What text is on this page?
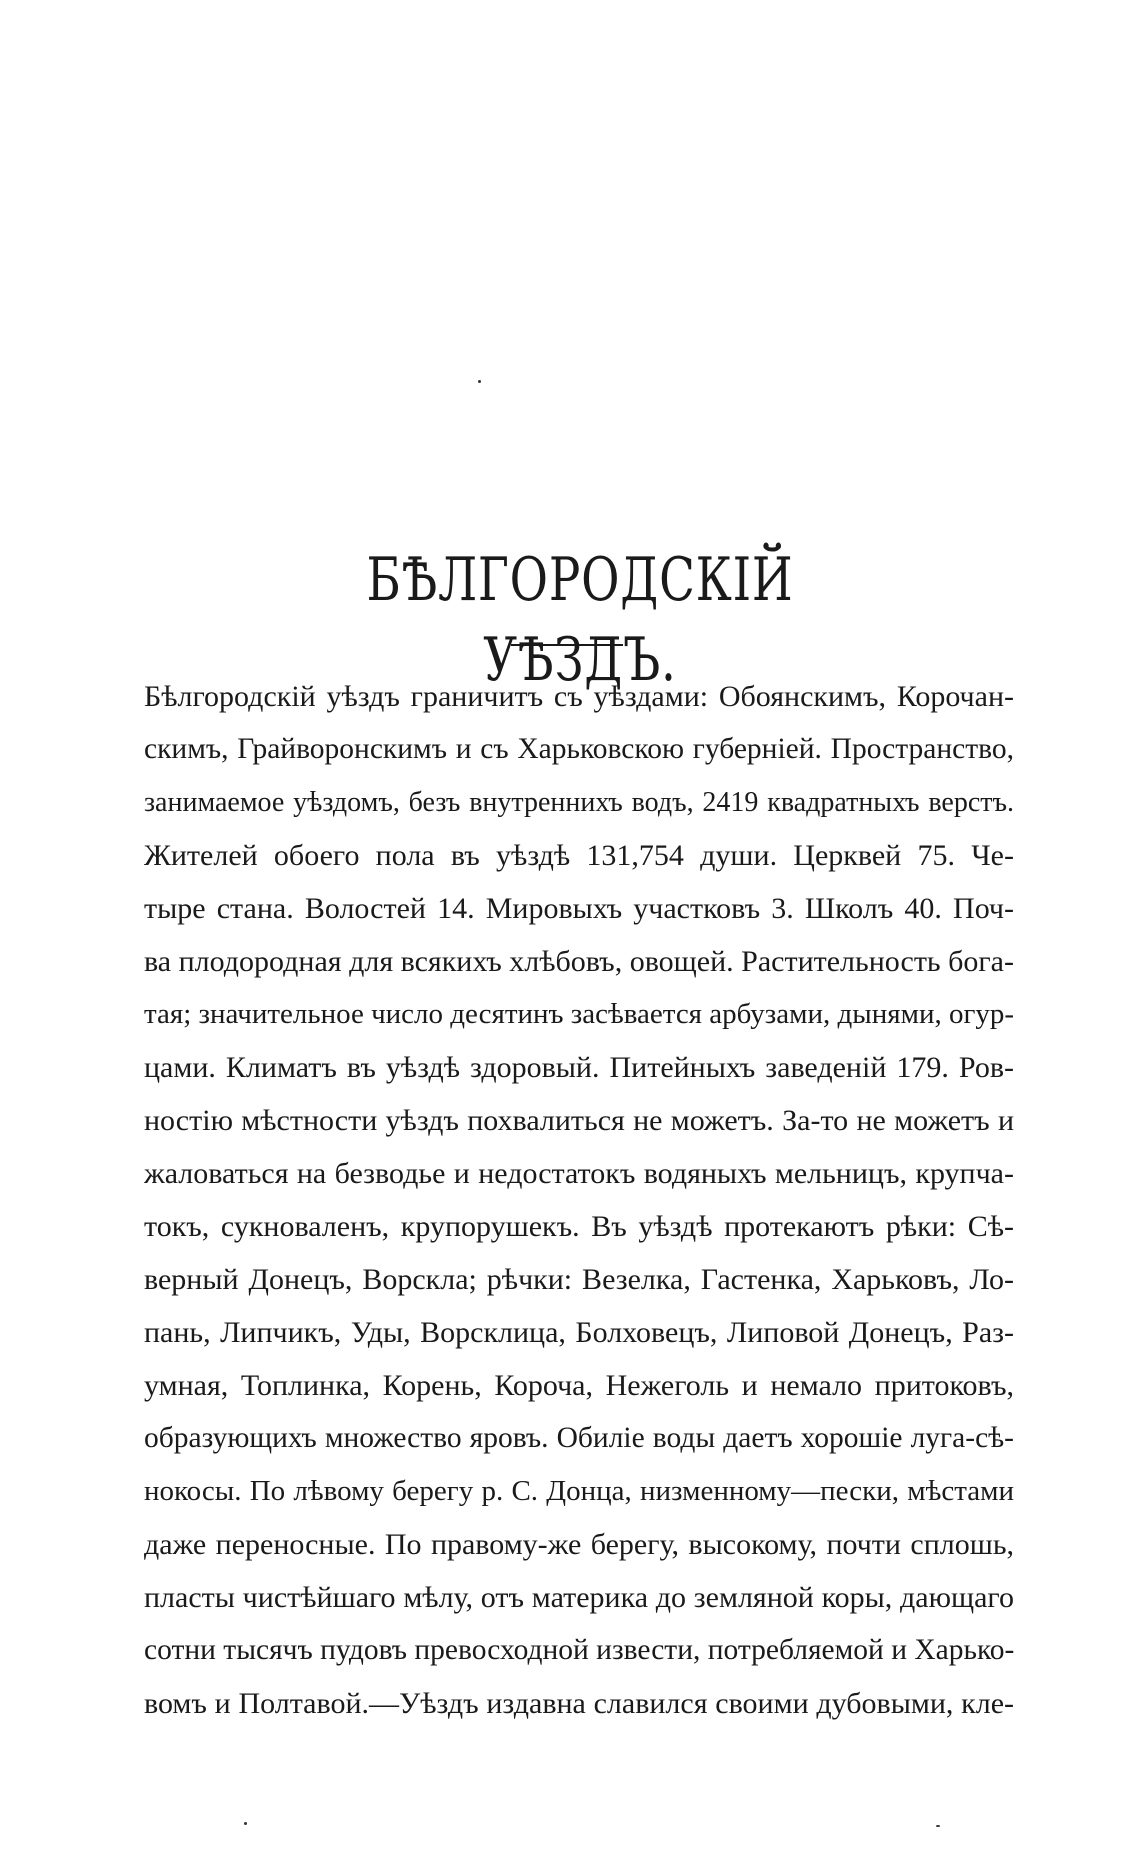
БѢЛГОРОДСКІЙ УѢЗДЪ.
Бѣлгородскій уѣздъ граничитъ съ уѣздами: Обоянскимъ, Корочан-
скимъ, Грайворонскимъ и съ Харьковскою губерніей. Пространство,
занимаемое уѣздомъ, безъ внутреннихъ водъ, 2419 квадратныхъ верстъ.
Жителей обоего пола въ уѣздѣ 131,754 души. Церквей 75. Че-
тыре стана. Волостей 14. Мировыхъ участковъ 3. Школъ 40. Поч-
ва плодородная для всякихъ хлѣбовъ, овощей. Растительность бога-
тая; значительное число десятинъ засѣвается арбузами, дынями, огур-
цами. Климатъ въ уѣздѣ здоровый. Питейныхъ заведеній 179. Ров-
ностію мѣстности уѣздъ похвалиться не можетъ. За-то не можетъ и
жаловаться на безводье и недостатокъ водяныхъ мельницъ, крупча-
токъ, сукноваленъ, крупорушекъ. Въ уѣздѣ протекаютъ рѣки: Сѣ-
верный Донецъ, Ворскла; рѣчки: Везелка, Гастенка, Харьковъ, Ло-
пань, Липчикъ, Уды, Ворсклица, Болховецъ, Липовой Донецъ, Раз-
умная, Топлинка, Корень, Короча, Нежеголь и немало притоковъ,
образующихъ множество яровъ. Обиліе воды даетъ хорошіе луга-сѣ-
нокосы. По лѣвому берегу р. С. Донца, низменному—пески, мѣстами
даже переносные. По правому-же берегу, высокому, почти сплошь,
пласты чистѣйшаго мѣлу, отъ материка до земляной коры, дающаго
сотни тысячъ пудовъ превосходной извести, потребляемой и Харько-
вомъ и Полтавой.—Уѣздъ издавна славился своими дубовыми, кле-
